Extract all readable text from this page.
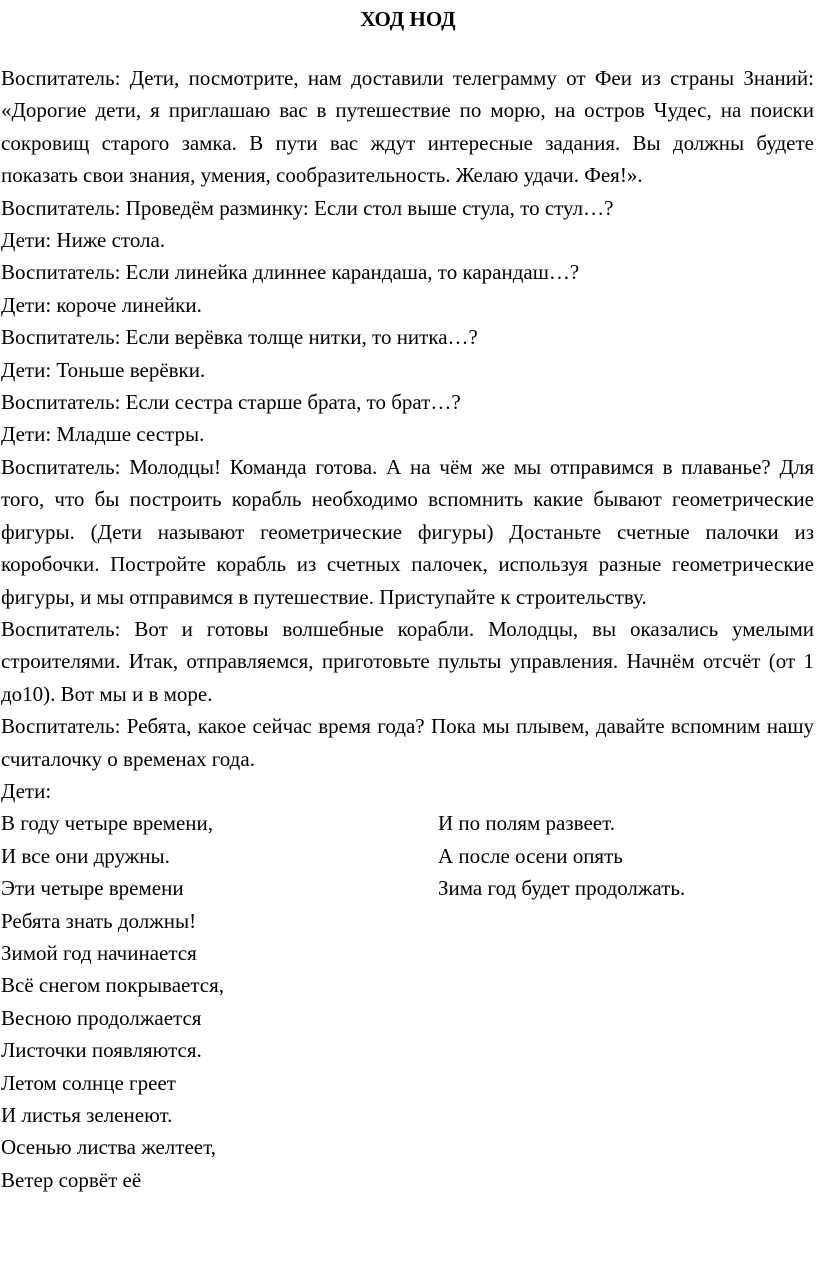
ХОД НОД

Воспитатель: Дети, посмотрите, нам доставили телеграмму от Феи из страны Знаний: «Дорогие дети, я приглашаю вас в путешествие по морю, на остров Чудес, на поиски сокровищ старого замка. В пути вас ждут интересные задания. Вы должны будете показать свои знания, умения, сообразительность. Желаю удачи. Фея!».

Воспитатель: Проведём разминку: Если стол выше стула, то стул…?

Дети: Ниже стола.

Воспитатель: Если линейка длиннее карандаша, то карандаш…?

Дети: короче линейки.

Воспитатель: Если верёвка толще нитки, то нитка…?

Дети: Тоньше верёвки.

Воспитатель: Если сестра старше брата, то брат…?

Дети: Младше сестры.

Воспитатель: Молодцы! Команда готова. А на чём же мы отправимся в плаванье? Для того, что бы построить корабль необходимо вспомнить какие бывают геометрические фигуры. (Дети называют геометрические фигуры) Достаньте счетные палочки из коробочки. Постройте корабль из счетных палочек, используя разные геометрические фигуры, и мы отправимся в путешествие. Приступайте к строительству.

Воспитатель: Вот и готовы волшебные корабли. Молодцы, вы оказались умелыми строителями. Итак, отправляемся, приготовьте пульты управления. Начнём отсчёт (от 1 до10). Вот мы и в море.

Воспитатель: Ребята, какое сейчас время года? Пока мы плывем, давайте вспомним нашу считалочку о временах года.

Дети:

В году четыре времени,
И все они дружны.
Эти четыре времени
Ребята знать должны!
Зимой год начинается
Всё снегом покрывается,
Весною продолжается
Листочки появляются.
Летом солнце греет
И листья зеленеют.
Осенью листва желтеет,
Ветер сорвёт её
И по полям развеет.
А после осени опять
Зима год будет продолжать.
